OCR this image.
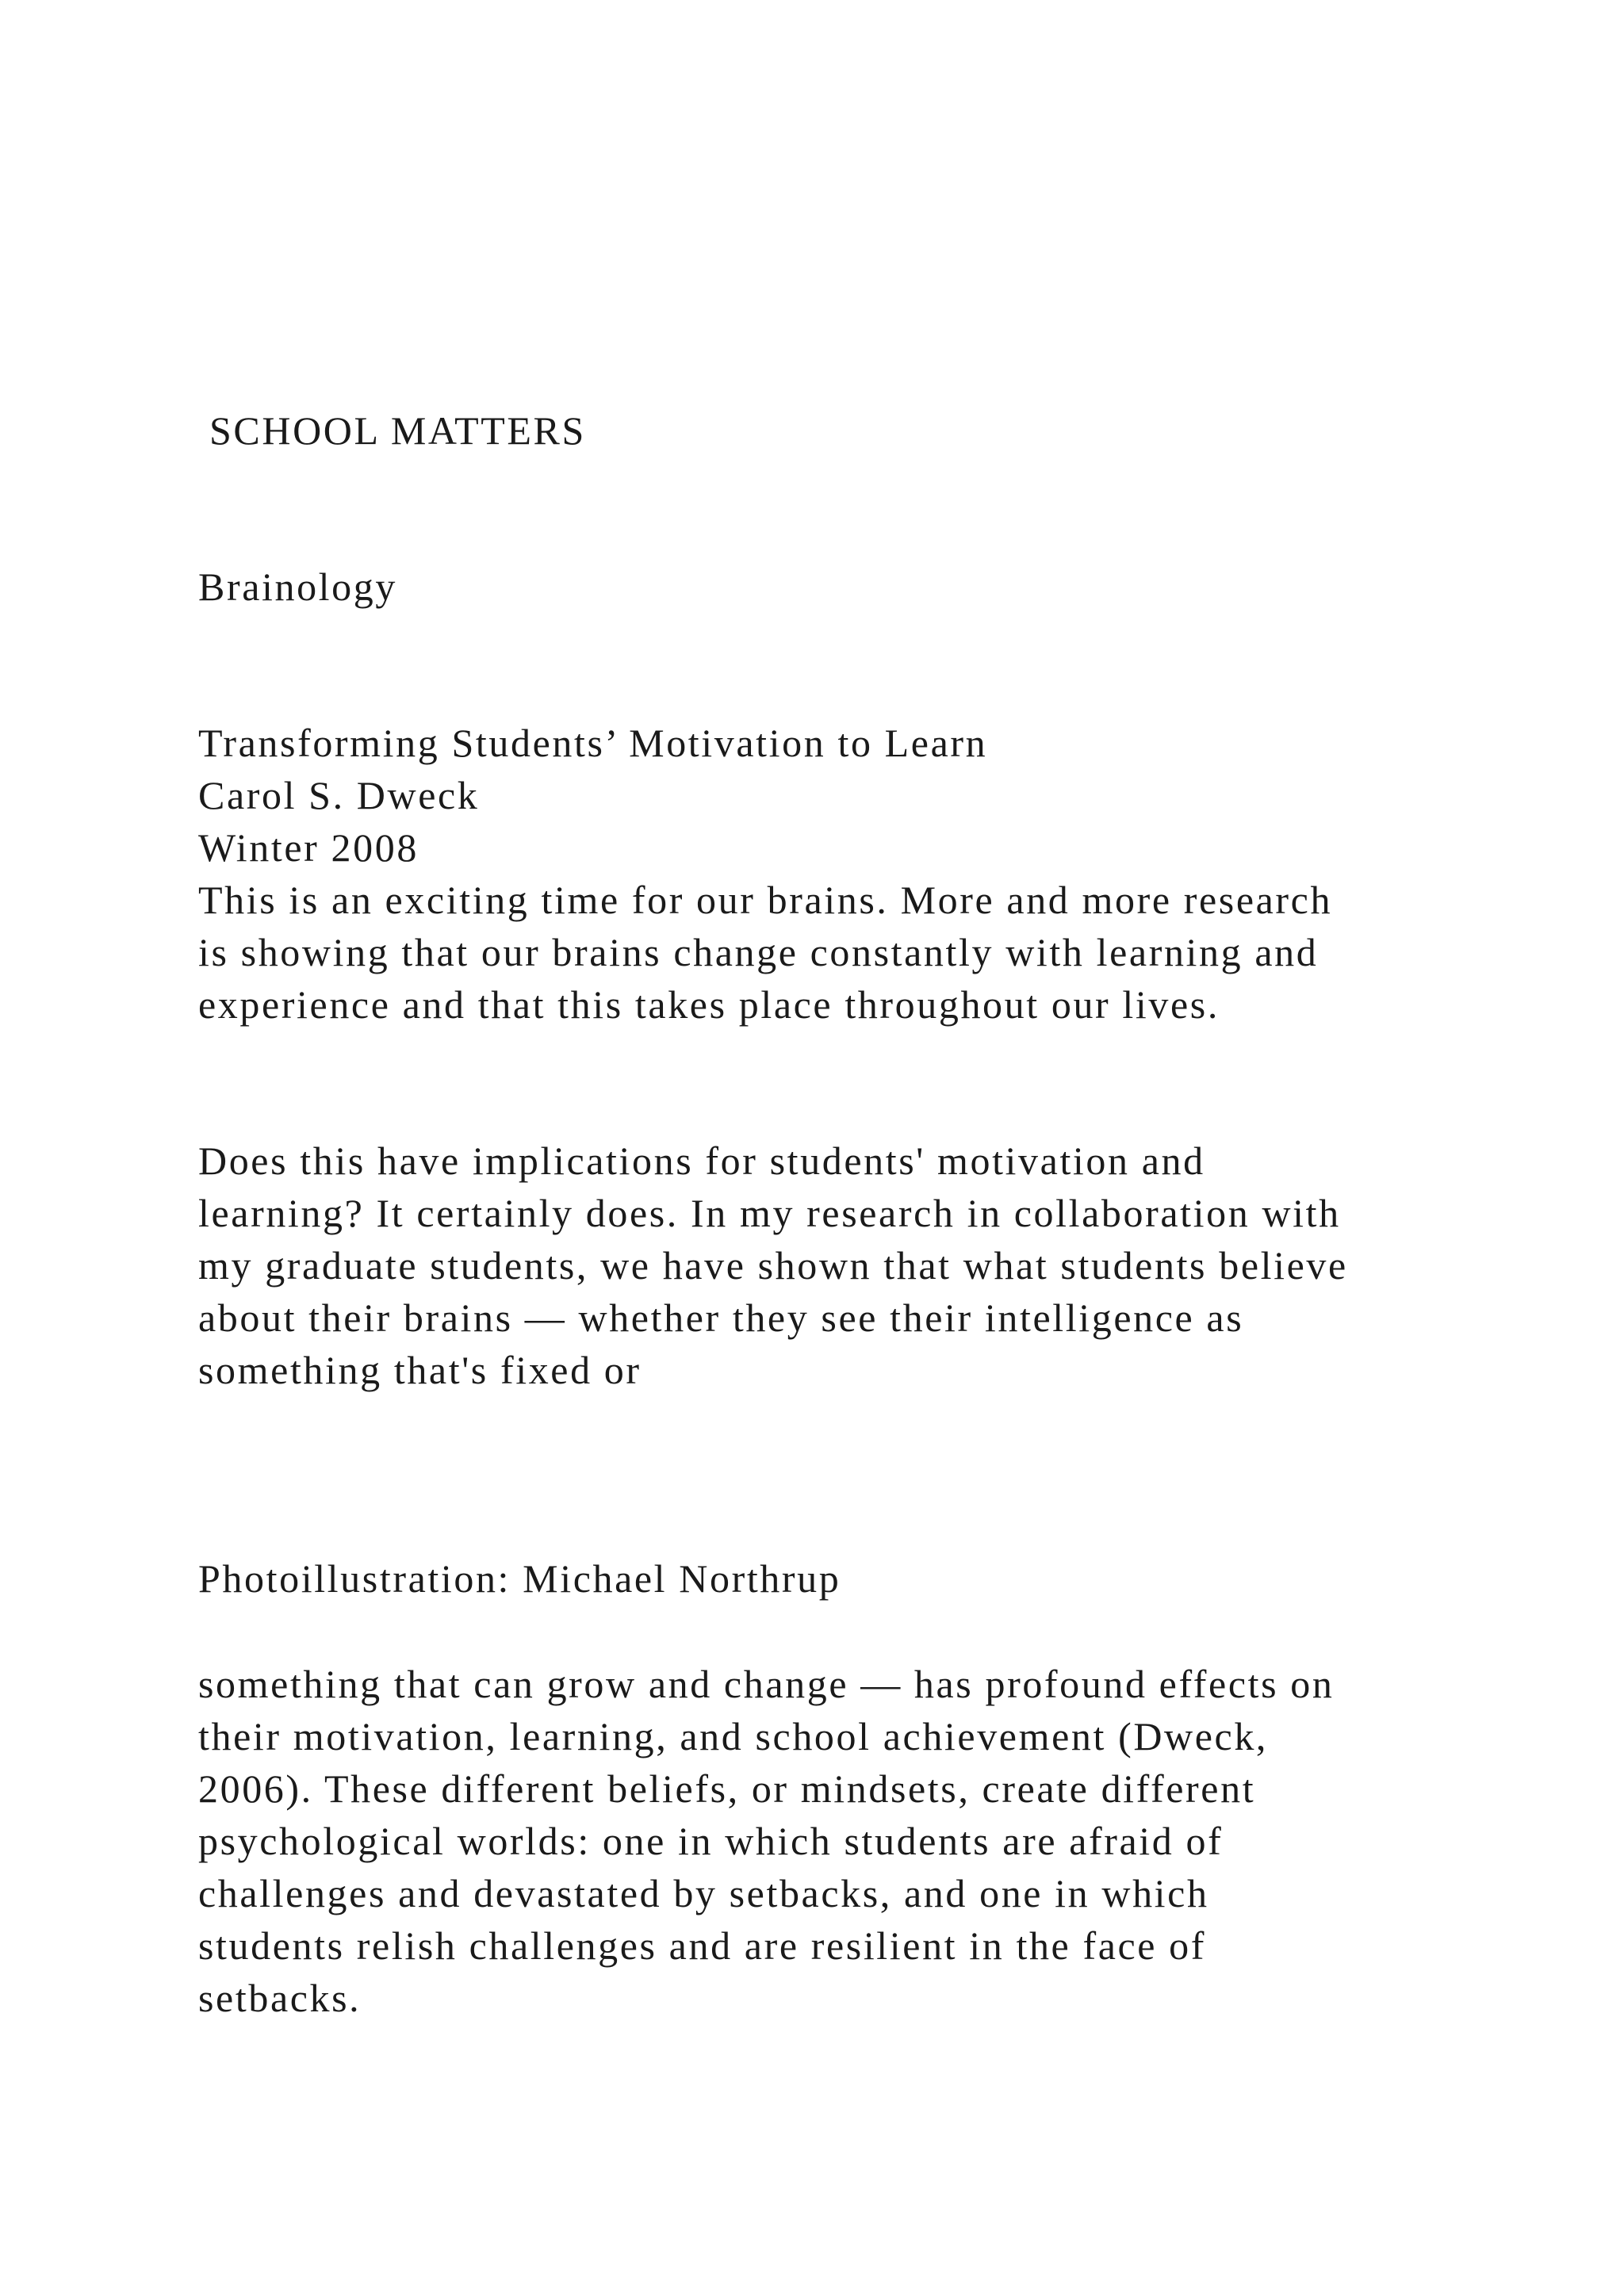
SCHOOL MATTERS
Brainology
Transforming Students’ Motivation to Learn
Carol S. Dweck
Winter 2008
This is an exciting time for our brains. More and more research
is showing that our brains change constantly with learning and
experience and that this takes place throughout our lives.
Does this have implications for students' motivation and
learning? It certainly does. In my research in collaboration with
my graduate students, we have shown that what students believe
about their brains — whether they see their intelligence as
something that's fixed or
Photoillustration: Michael Northrup
something that can grow and change — has profound effects on
their motivation, learning, and school achievement (Dweck,
2006). These different beliefs, or mindsets, create different
psychological worlds: one in which students are afraid of
challenges and devastated by setbacks, and one in which
students relish challenges and are resilient in the face of
setbacks.
